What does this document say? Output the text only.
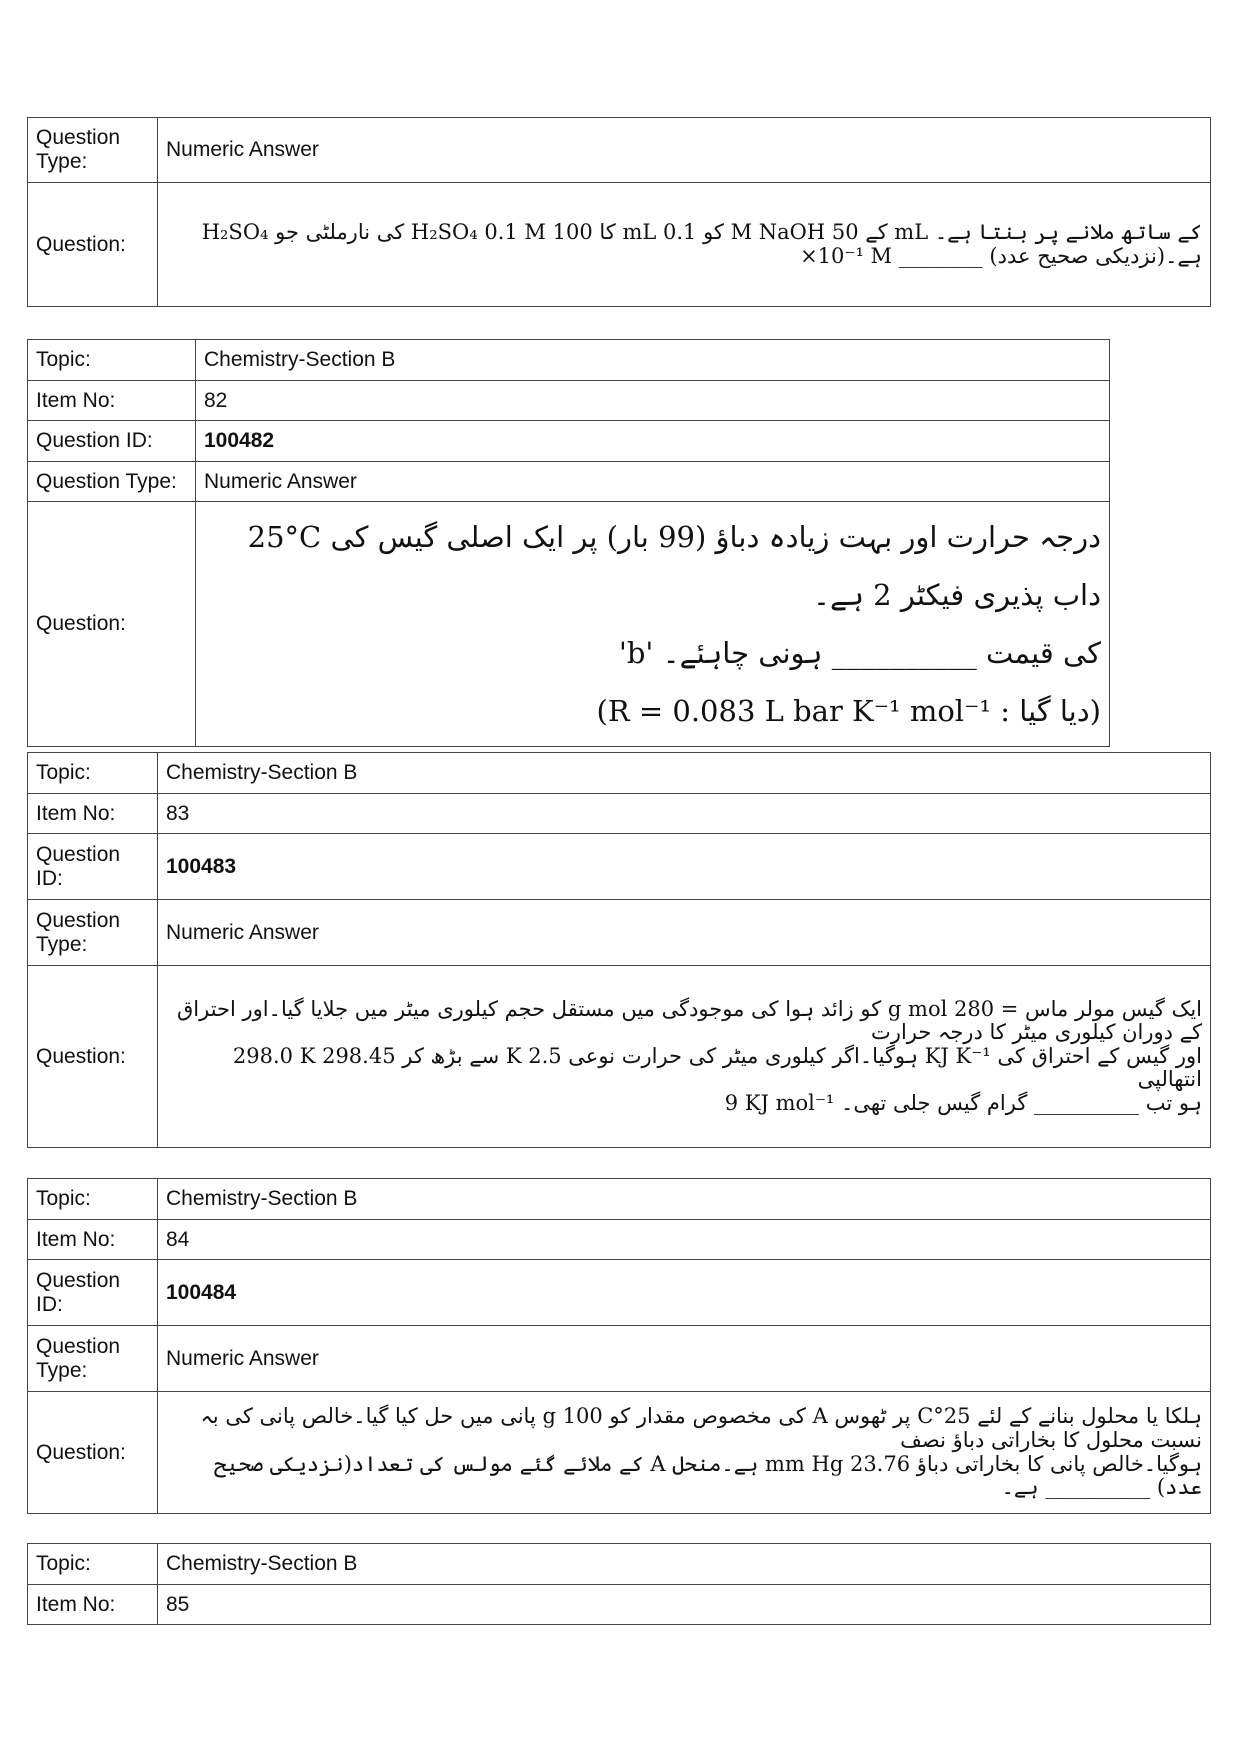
Question Type:	Numeric Answer
Question:	H₂SO₄ کی نارملٹی جو H₂SO₄ 0.1 M کا 100 mL کو 0.1 M NaOH کے 50 mL کے ساتھ ملانے پر بنتا ہے۔
×10⁻¹ M ________ ہے۔(نزدیکی صحیح عدد)
Topic:	Chemistry-Section B
Item No:	82
Question ID:	100482
Question Type:	Numeric Answer
Question:	25°C درجہ حرارت اور بہت زیادہ دباؤ (99 بار) پر ایک اصلی گیس کی داب پذیری فیکٹر 2 ہے۔
'b' کی قیمت __________ ہونی چاہئے۔
(R = 0.083 L bar K⁻¹ mol⁻¹ : دیا گیا)
Topic:	Chemistry-Section B
Item No:	83
Question ID:	100483
Question Type:	Numeric Answer
Question:	ایک گیس مولر ماس = 280 g mol کو زائد ہوا کی موجودگی میں مستقل حجم کیلوری میٹر میں جلایا گیا۔اور احتراق کے دوران کیلوری میٹر کا درجہ حرارت
298.0 K سے بڑھ کر 298.45 K ہوگیا۔اگر کیلوری میٹر کی حرارت نوعی 2.5 KJ K⁻¹ اور گیس کے احتراق کی انتھالپی
9 KJ mol⁻¹ ہو تب __________ گرام گیس جلی تھی۔
Topic:	Chemistry-Section B
Item No:	84
Question ID:	100484
Question Type:	Numeric Answer
Question:	ہلکا یا محلول بنانے کے لئے 25°C پر ٹھوس A کی مخصوص مقدار کو 100 g پانی میں حل کیا گیا۔خالص پانی کی بہ نسبت محلول کا بخاراتی دباؤ نصف
ہوگیا۔خالص پانی کا بخاراتی دباؤ 23.76 mm Hg ہے۔منحل A کے ملائے گئے مولس کی تعداد(نزدیکی صحیح عدد) __________ ہے۔
Topic:	Chemistry-Section B
Item No:	85
